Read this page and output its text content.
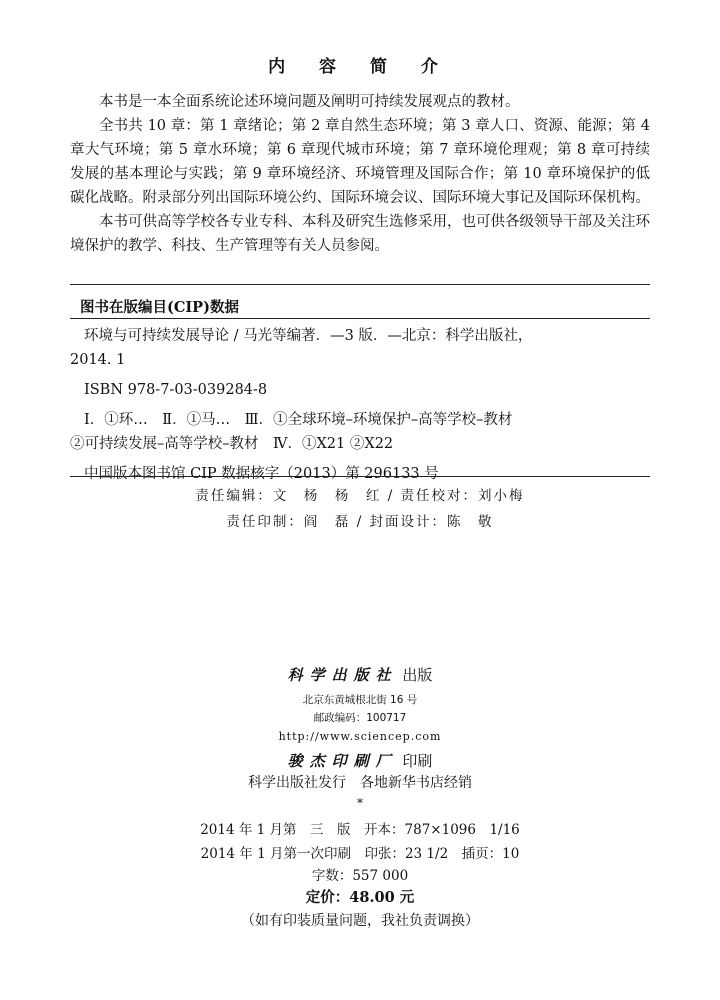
内 容 简 介

本书是一本全面系统论述环境问题及阐明可持续发展观点的教材。

全书共 10 章：第 1 章绪论；第 2 章自然生态环境；第 3 章人口、资源、能源；第 4 章大气环境；第 5 章水环境；第 6 章现代城市环境；第 7 章环境伦理观；第 8 章可持续发展的基本理论与实践；第 9 章环境经济、环境管理及国际合作；第 10 章环境保护的低碳化战略。附录部分列出国际环境公约、国际环境会议、国际环境大事记及国际环保机构。

本书可供高等学校各专业专科、本科及研究生选修采用，也可供各级领导干部及关注环境保护的教学、科技、生产管理等有关人员参阅。

图书在版编目(CIP)数据
环境与可持续发展导论 / 马光等编著．—3 版．—北京：科学出版社，
2014. 1
ISBN 978-7-03-039284-8
Ⅰ．①环…　Ⅱ．①马…　Ⅲ．①全球环境–环境保护–高等学校–教材
②可持续发展–高等学校–教材　Ⅳ．①X21 ②X22
中国版本图书馆 CIP 数据核字（2013）第 296133 号
责任编辑：文　杨　杨　红 / 责任校对：刘小梅
责任印制：阎　磊 / 封面设计：陈　敬
科学出版社 出版
北京东黄城根北街 16 号
邮政编码：100717
http://www.sciencep.com
骏杰印刷厂 印刷
科学出版社发行　各地新华书店经销
*
2014 年 1 月第　三　版　开本：787×1096　1/16
2014 年 1 月第一次印刷　印张：23 1/2　插页：10
字数：557 000
定价：48.00 元
（如有印装质量问题，我社负责调换）
